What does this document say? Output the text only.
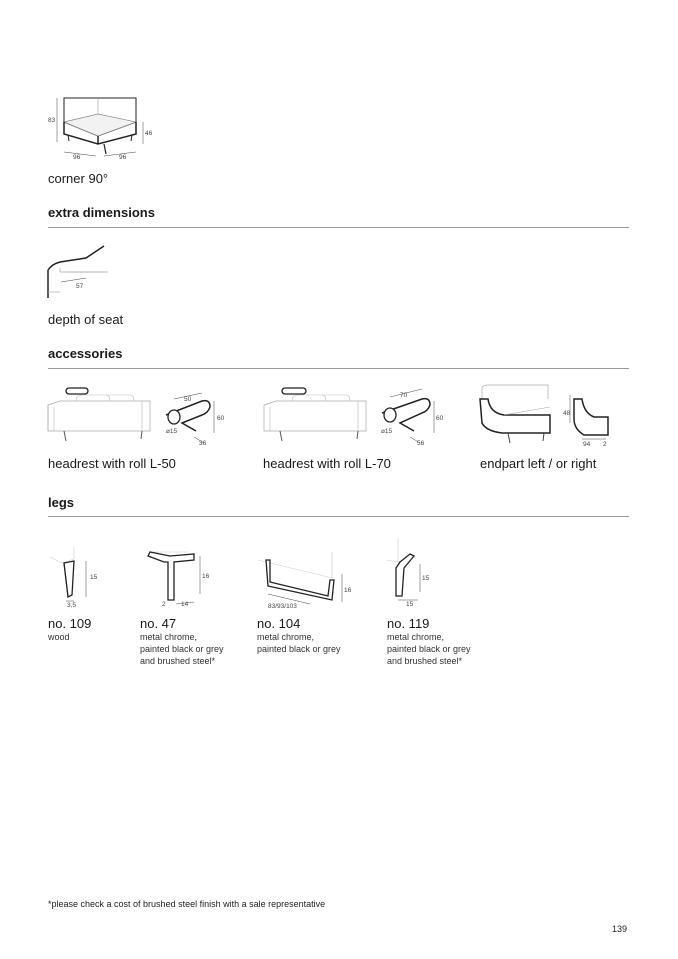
83
46
96	96
corner 90°
extra dimensions
57
depth of seat
accessories
50
60
⌀15
36
headrest with roll L-50
70
60
⌀15
56
headrest with roll L-70
48
94 2
endpart left / or right
legs
15
3,5
no. 109
wood
16
2 14
no. 47
metal chrome,
painted black or grey
and brushed steel*
16
83/93/103
no. 104
metal chrome,
painted black or grey
15
15
no. 119
metal chrome,
painted black or grey
and brushed steel*
*please check a cost of brushed steel finish with a sale representative
139
